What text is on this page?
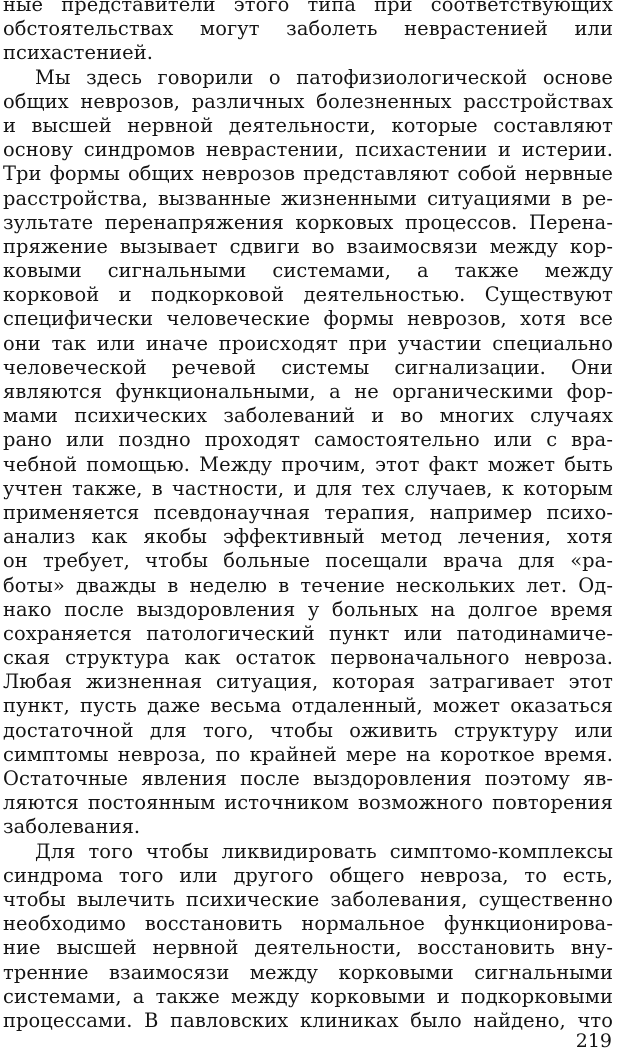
ные представители этого типа при соответствующих
обстоятельствах могут заболеть неврастенией или
психастенией.
Мы здесь говорили о патофизиологической основе
общих неврозов, различных болезненных расстройствах
и высшей нервной деятельности, которые составляют
основу синдромов неврастении, психастении и истерии.
Три формы общих неврозов представляют собой нервные
расстройства, вызванные жизненными ситуациями в ре-
зультате перенапряжения корковых процессов. Перена-
пряжение вызывает сдвиги во взаимосвязи между кор-
ковыми сигнальными системами, а также между
корковой и подкорковой деятельностью. Существуют
специфически человеческие формы неврозов, хотя все
они так или иначе происходят при участии специально
человеческой речевой системы сигнализации. Они
являются функциональными, а не органическими фор-
мами психических заболеваний и во многих случаях
рано или поздно проходят самостоятельно или с вра-
чебной помощью. Между прочим, этот факт может быть
учтен также, в частности, и для тех случаев, к которым
применяется псевдонаучная терапия, например психо-
анализ как якобы эффективный метод лечения, хотя
он требует, чтобы больные посещали врача для «ра-
боты» дважды в неделю в течение нескольких лет. Од-
нако после выздоровления у больных на долгое время
сохраняется патологический пункт или патодинамиче-
ская структура как остаток первоначального невроза.
Любая жизненная ситуация, которая затрагивает этот
пункт, пусть даже весьма отдаленный, может оказаться
достаточной для того, чтобы оживить структуру или
симптомы невроза, по крайней мере на короткое время.
Остаточные явления после выздоровления поэтому яв-
ляются постоянным источником возможного повторения
заболевания.
Для того чтобы ликвидировать симптомо-комплексы
синдрома того или другого общего невроза, то есть,
чтобы вылечить психические заболевания, существенно
необходимо восстановить нормальное функционирова-
ние высшей нервной деятельности, восстановить вну-
тренние взаимосязи между корковыми сигнальными
системами, а также между корковыми и подкорковыми
процессами. В павловских клиниках было найдено, что
219
